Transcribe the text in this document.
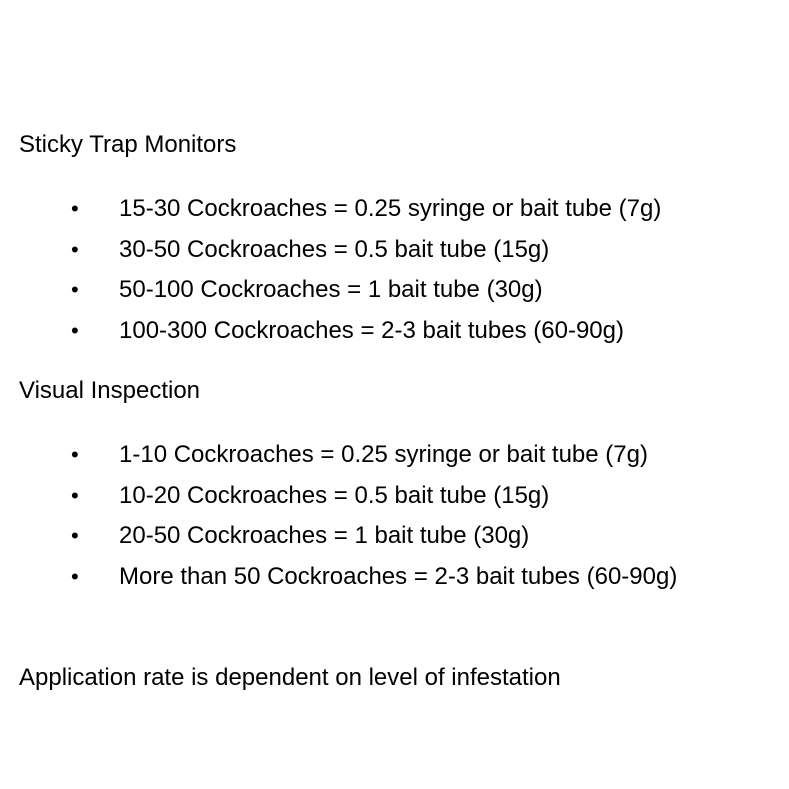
Sticky Trap Monitors
• 15-30 Cockroaches = 0.25 syringe or bait tube (7g)
• 30-50 Cockroaches = 0.5 bait tube (15g)
• 50-100 Cockroaches = 1 bait tube (30g)
• 100-300 Cockroaches = 2-3 bait tubes (60-90g)
Visual Inspection
• 1-10 Cockroaches = 0.25 syringe or bait tube (7g)
• 10-20 Cockroaches = 0.5 bait tube (15g)
• 20-50 Cockroaches = 1 bait tube (30g)
• More than 50 Cockroaches = 2-3 bait tubes (60-90g)
Application rate is dependent on level of infestation
